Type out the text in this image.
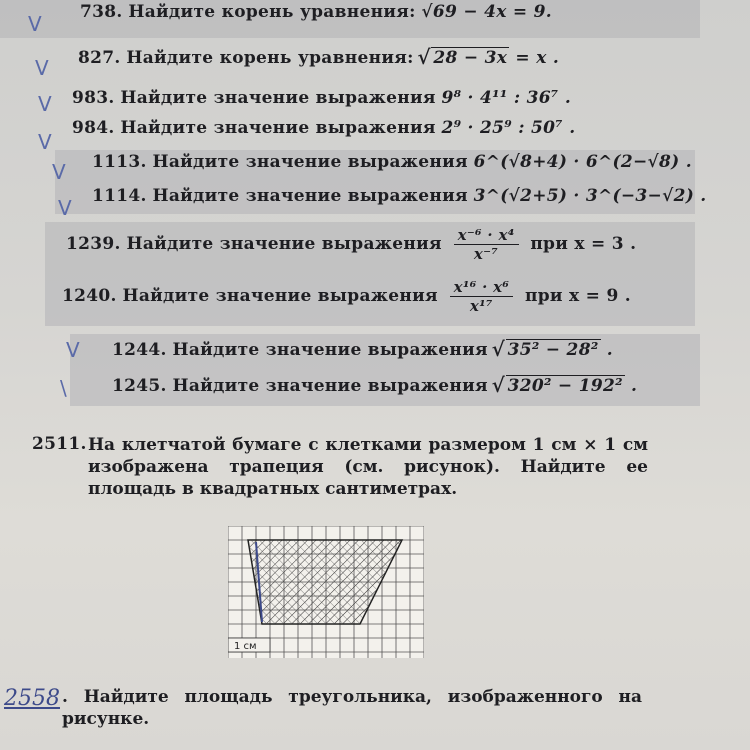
V 738. Найдите корень уравнения: √69 − 4x = 9.
V 827. Найдите корень уравнения: √ 28 − 3x = x .
V 983. Найдите значение выражения 9⁸ · 4¹¹ : 36⁷ .
V
984. Найдите значение выражения 2⁹ · 25⁹ : 50⁷ .
V 1113. Найдите значение выражения 6^(√8+4) · 6^(2−√8) .
V 1114. Найдите значение выражения 3^(√2+5) · 3^(−3−√2) .
1239. Найдите значение выражения $\frac{\text{x⁻⁶ · x⁴}}{\text{x⁻⁷}}$ при x = 3 .
1240. Найдите значение выражения $\frac{\text{x¹⁶ · x⁶}}{\text{x¹⁷}}$ при x = 9 .
V 1244. Найдите значение выражения √ 35² − 28² .
\	1245. Найдите значение выражения √ 320² − 192² .
2511. На клетчатой бумаге с клетками размером 1 см × 1 см изображена трапеция (см. рисунок). Найдите ее площадь в квадратных сантиметрах.
1 см
2558 . Найдите площадь треугольника, изображенного на рисунке.
